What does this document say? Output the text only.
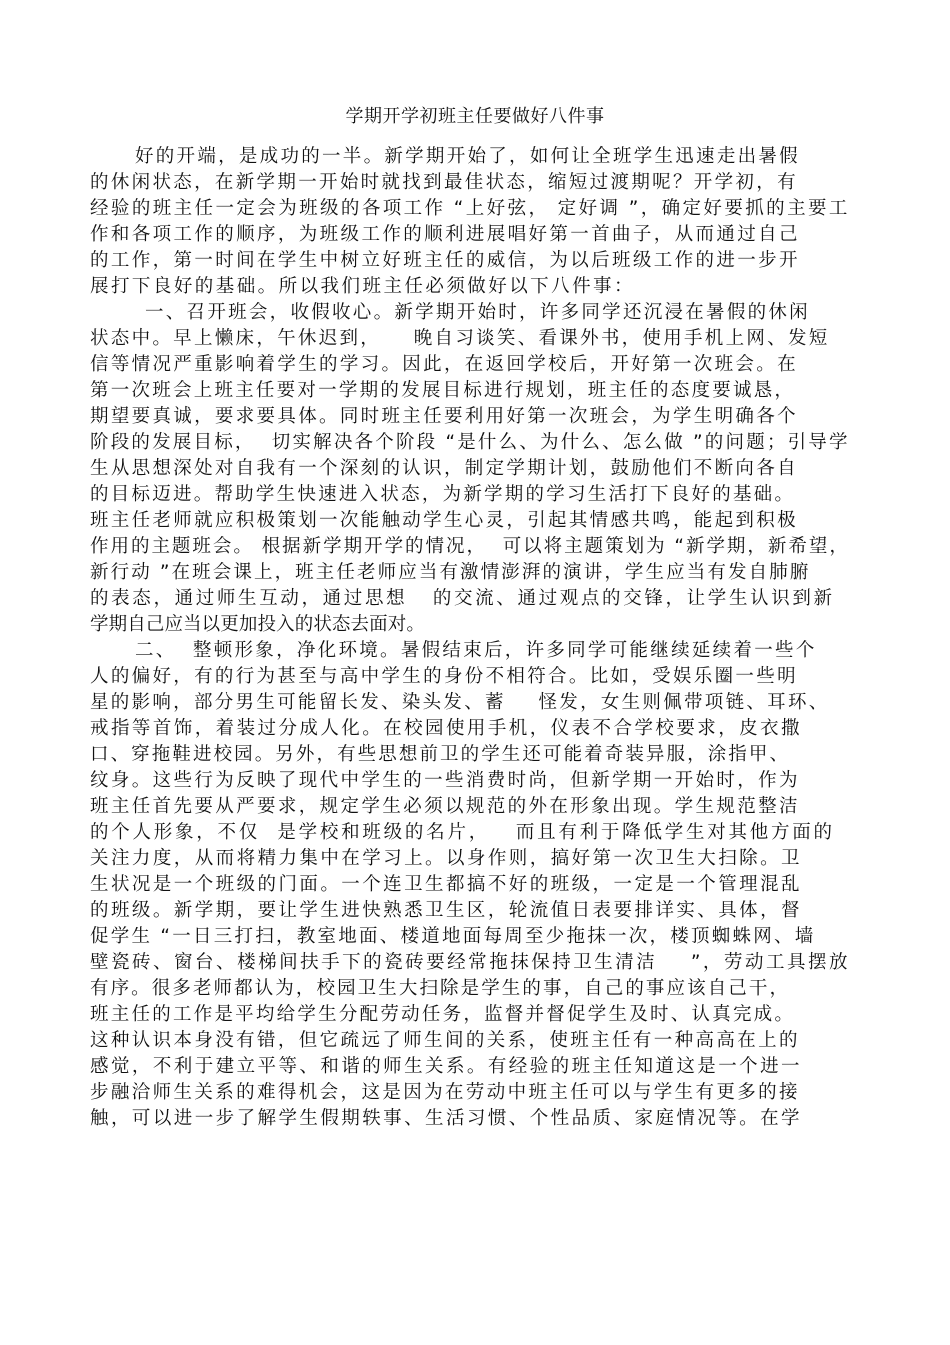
学期开学初班主任要做好八件事
好的开端，是成功的一半。新学期开始了，如何让全班学生迅速走出暑假
的休闲状态，在新学期一开始时就找到最佳状态，缩短过渡期呢？开学初，有
经验的班主任一定会为班级的各项工作 “上好弦， 定好调 ”，确定好要抓的主要工
作和各项工作的顺序，为班级工作的顺利进展唱好第一首曲子，从而通过自己
的工作，第一时间在学生中树立好班主任的威信，为以后班级工作的进一步开
展打下良好的基础。所以我们班主任必须做好以下八件事：
一、召开班会，收假收心。新学期开始时，许多同学还沉浸在暑假的休闲
状态中。早上懒床，午休迟到，    晚自习谈笑、看课外书，使用手机上网、发短
信等情况严重影响着学生的学习。因此，在返回学校后，开好第一次班会。在
第一次班会上班主任要对一学期的发展目标进行规划，班主任的态度要诚恳，
期望要真诚，要求要具体。同时班主任要利用好第一次班会，为学生明确各个
阶段的发展目标，  切实解决各个阶段 “是什么、为什么、怎么做 ”的问题；引导学
生从思想深处对自我有一个深刻的认识，制定学期计划，鼓励他们不断向各自
的目标迈进。帮助学生快速进入状态，为新学期的学习生活打下良好的基础。
班主任老师就应积极策划一次能触动学生心灵，引起其情感共鸣，能起到积极
作用的主题班会。 根据新学期开学的情况，  可以将主题策划为 “新学期，新希望，
新行动 ”在班会课上，班主任老师应当有激情澎湃的演讲，学生应当有发自肺腑
的表态，通过师生互动，通过思想   的交流、通过观点的交锋，让学生认识到新
学期自己应当以更加投入的状态去面对。
二、  整顿形象，净化环境。暑假结束后，许多同学可能继续延续着一些个
人的偏好，有的行为甚至与高中学生的身份不相符合。比如，受娱乐圈一些明
星的影响，部分男生可能留长发、染头发、蓄    怪发，女生则佩带项链、耳环、
戒指等首饰，着装过分成人化。在校园使用手机，仪表不合学校要求，皮衣撒
口、穿拖鞋进校园。另外，有些思想前卫的学生还可能着奇装异服，涂指甲、
纹身。这些行为反映了现代中学生的一些消费时尚，但新学期一开始时，作为
班主任首先要从严要求，规定学生必须以规范的外在形象出现。学生规范整洁
的个人形象，不仅  是学校和班级的名片，   而且有利于降低学生对其他方面的
关注力度，从而将精力集中在学习上。以身作则，搞好第一次卫生大扫除。卫
生状况是一个班级的门面。一个连卫生都搞不好的班级，一定是一个管理混乱
的班级。新学期，要让学生进快熟悉卫生区，轮流值日表要排详实、具体，督
促学生 “一日三打扫，教室地面、楼道地面每周至少拖抹一次，楼顶蜘蛛网、墙
壁瓷砖、窗台、楼梯间扶手下的瓷砖要经常拖抹保持卫生清洁    ”，劳动工具摆放
有序。很多老师都认为，校园卫生大扫除是学生的事，自己的事应该自己干，
班主任的工作是平均给学生分配劳动任务，监督并督促学生及时、认真完成。
这种认识本身没有错，但它疏远了师生间的关系，使班主任有一种高高在上的
感觉，不利于建立平等、和谐的师生关系。有经验的班主任知道这是一个进一
步融洽师生关系的难得机会，这是因为在劳动中班主任可以与学生有更多的接
触，可以进一步了解学生假期轶事、生活习惯、个性品质、家庭情况等。在学
